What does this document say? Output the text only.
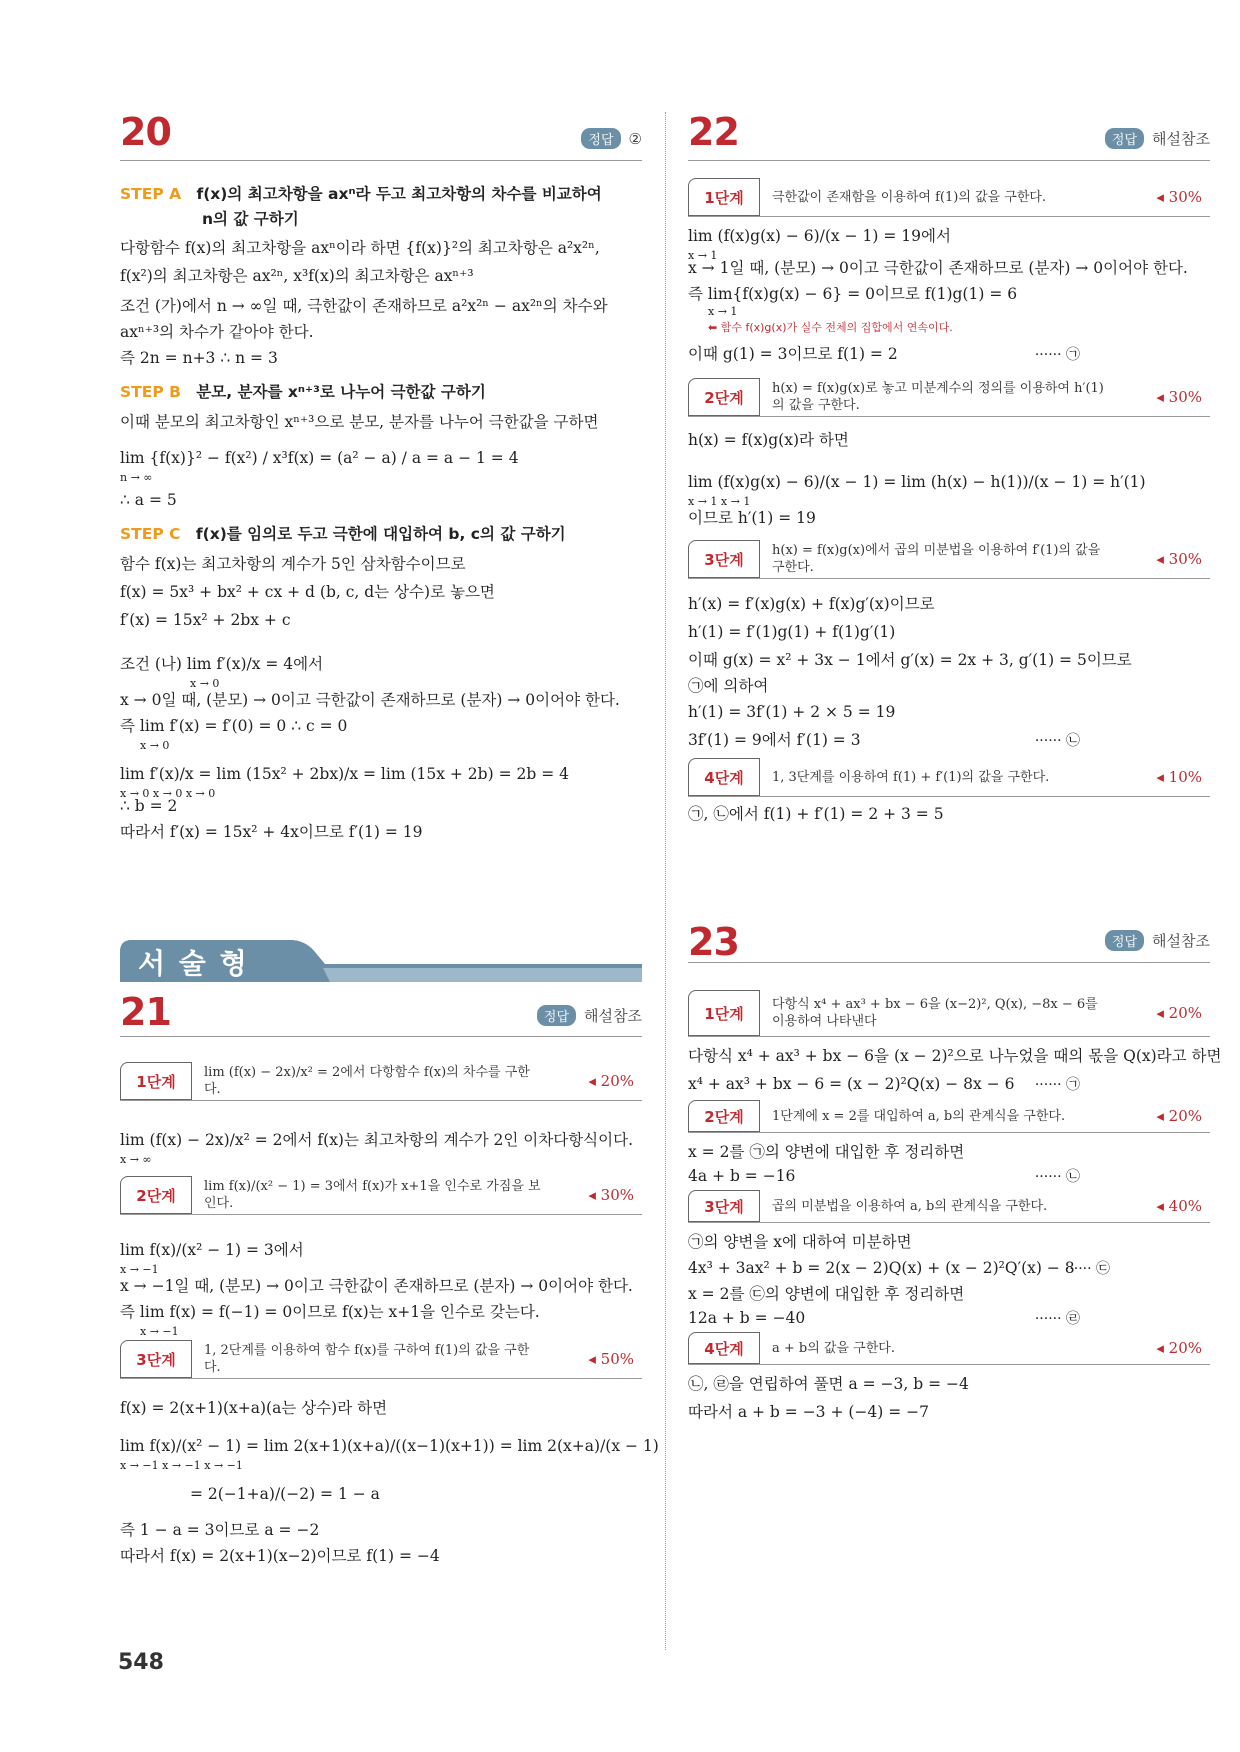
20	정답	②
STEP A f(x)의 최고차항을 axⁿ라 두고 최고차항의 차수를 비교하여
n의 값 구하기
다항함수 f(x)의 최고차항을 axⁿ이라 하면 {f(x)}²의 최고차항은 a²x²ⁿ,
f(x²)의 최고차항은 ax²ⁿ, x³f(x)의 최고차항은 axⁿ⁺³
조건 (가)에서 n → ∞일 때, 극한값이 존재하므로 a²x²ⁿ − ax²ⁿ의 차수와
axⁿ⁺³의 차수가 같아야 한다.
즉 2n = n+3 ∴ n = 3
STEP B 분모, 분자를 xⁿ⁺³로 나누어 극한값 구하기
이때 분모의 최고차항인 xⁿ⁺³으로 분모, 분자를 나누어 극한값을 구하면
lim {f(x)}² − f(x²) / x³f(x) = (a² − a) / a = a − 1 = 4
n → ∞
∴ a = 5
STEP C f(x)를 임의로 두고 극한에 대입하여 b, c의 값 구하기
함수 f(x)는 최고차항의 계수가 5인 삼차함수이므로
f(x) = 5x³ + bx² + cx + d (b, c, d는 상수)로 놓으면
f′(x) = 15x² + 2bx + c
조건 (나) lim f′(x)/x = 4에서
x → 0
x → 0일 때, (분모) → 0이고 극한값이 존재하므로 (분자) → 0이어야 한다.
즉 lim f′(x) = f′(0) = 0 ∴ c = 0
x → 0
lim f′(x)/x = lim (15x² + 2bx)/x = lim (15x + 2b) = 2b = 4
x → 0 x → 0 x → 0
∴ b = 2
따라서 f′(x) = 15x² + 4x이므로 f′(1) = 19
서 술 형
21	정답	해설참조
1단계	lim (f(x) − 2x)/x² = 2에서 다항함수 f(x)의 차수를 구한다.	◂ 20%
lim (f(x) − 2x)/x² = 2에서 f(x)는 최고차항의 계수가 2인 이차다항식이다.
x → ∞
2단계	lim f(x)/(x² − 1) = 3에서 f(x)가 x+1을 인수로 가짐을 보인다.	◂ 30%
lim f(x)/(x² − 1) = 3에서
x → −1
x → −1일 때, (분모) → 0이고 극한값이 존재하므로 (분자) → 0이어야 한다.
즉 lim f(x) = f(−1) = 0이므로 f(x)는 x+1을 인수로 갖는다.
x → −1
3단계	1, 2단계를 이용하여 함수 f(x)를 구하여 f(1)의 값을 구한다.	◂ 50%
f(x) = 2(x+1)(x+a)(a는 상수)라 하면
lim f(x)/(x² − 1) = lim 2(x+1)(x+a)/((x−1)(x+1)) = lim 2(x+a)/(x − 1)
x → −1 x → −1 x → −1
= 2(−1+a)/(−2) = 1 − a
즉 1 − a = 3이므로 a = −2
따라서 f(x) = 2(x+1)(x−2)이므로 f(1) = −4
22	정답	해설참조
1단계	극한값이 존재함을 이용하여 f(1)의 값을 구한다.	◂ 30%
lim (f(x)g(x) − 6)/(x − 1) = 19에서
x → 1
x → 1일 때, (분모) → 0이고 극한값이 존재하므로 (분자) → 0이어야 한다.
즉 lim{f(x)g(x) − 6} = 0이므로 f(1)g(1) = 6
x → 1
⬅ 함수 f(x)g(x)가 실수 전체의 집합에서 연속이다.
이때 g(1) = 3이므로 f(1) = 2	······ ㉠
2단계	h(x) = f(x)g(x)로 놓고 미분계수의 정의를 이용하여 h′(1)의 값을 구한다.	◂ 30%
h(x) = f(x)g(x)라 하면
lim (f(x)g(x) − 6)/(x − 1) = lim (h(x) − h(1))/(x − 1) = h′(1)
x → 1 x → 1
이므로 h′(1) = 19
3단계	h(x) = f(x)g(x)에서 곱의 미분법을 이용하여 f′(1)의 값을 구한다.	◂ 30%
h′(x) = f′(x)g(x) + f(x)g′(x)이므로
h′(1) = f′(1)g(1) + f(1)g′(1)
이때 g(x) = x² + 3x − 1에서 g′(x) = 2x + 3, g′(1) = 5이므로
㉠에 의하여
h′(1) = 3f′(1) + 2 × 5 = 19
3f′(1) = 9에서 f′(1) = 3	······ ㉡
4단계	1, 3단계를 이용하여 f(1) + f′(1)의 값을 구한다.	◂ 10%
㉠, ㉡에서 f(1) + f′(1) = 2 + 3 = 5
23	정답	해설참조
1단계	다항식 x⁴ + ax³ + bx − 6을 (x−2)², Q(x), −8x − 6를 이용하여 나타낸다	◂ 20%
다항식 x⁴ + ax³ + bx − 6을 (x − 2)²으로 나누었을 때의 몫을 Q(x)라고 하면
x⁴ + ax³ + bx − 6 = (x − 2)²Q(x) − 8x − 6 ······ ㉠
2단계	1단계에 x = 2를 대입하여 a, b의 관계식을 구한다.	◂ 20%
x = 2를 ㉠의 양변에 대입한 후 정리하면
4a + b = −16	······ ㉡
3단계	곱의 미분법을 이용하여 a, b의 관계식을 구한다.	◂ 40%
㉠의 양변을 x에 대하여 미분하면
4x³ + 3ax² + b = 2(x − 2)Q(x) + (x − 2)²Q′(x) − 8
······ ㉢
x = 2를 ㉢의 양변에 대입한 후 정리하면
12a + b = −40	······ ㉣
4단계	a + b의 값을 구한다.	◂ 20%
㉡, ㉣을 연립하여 풀면 a = −3, b = −4
따라서 a + b = −3 + (−4) = −7
548
